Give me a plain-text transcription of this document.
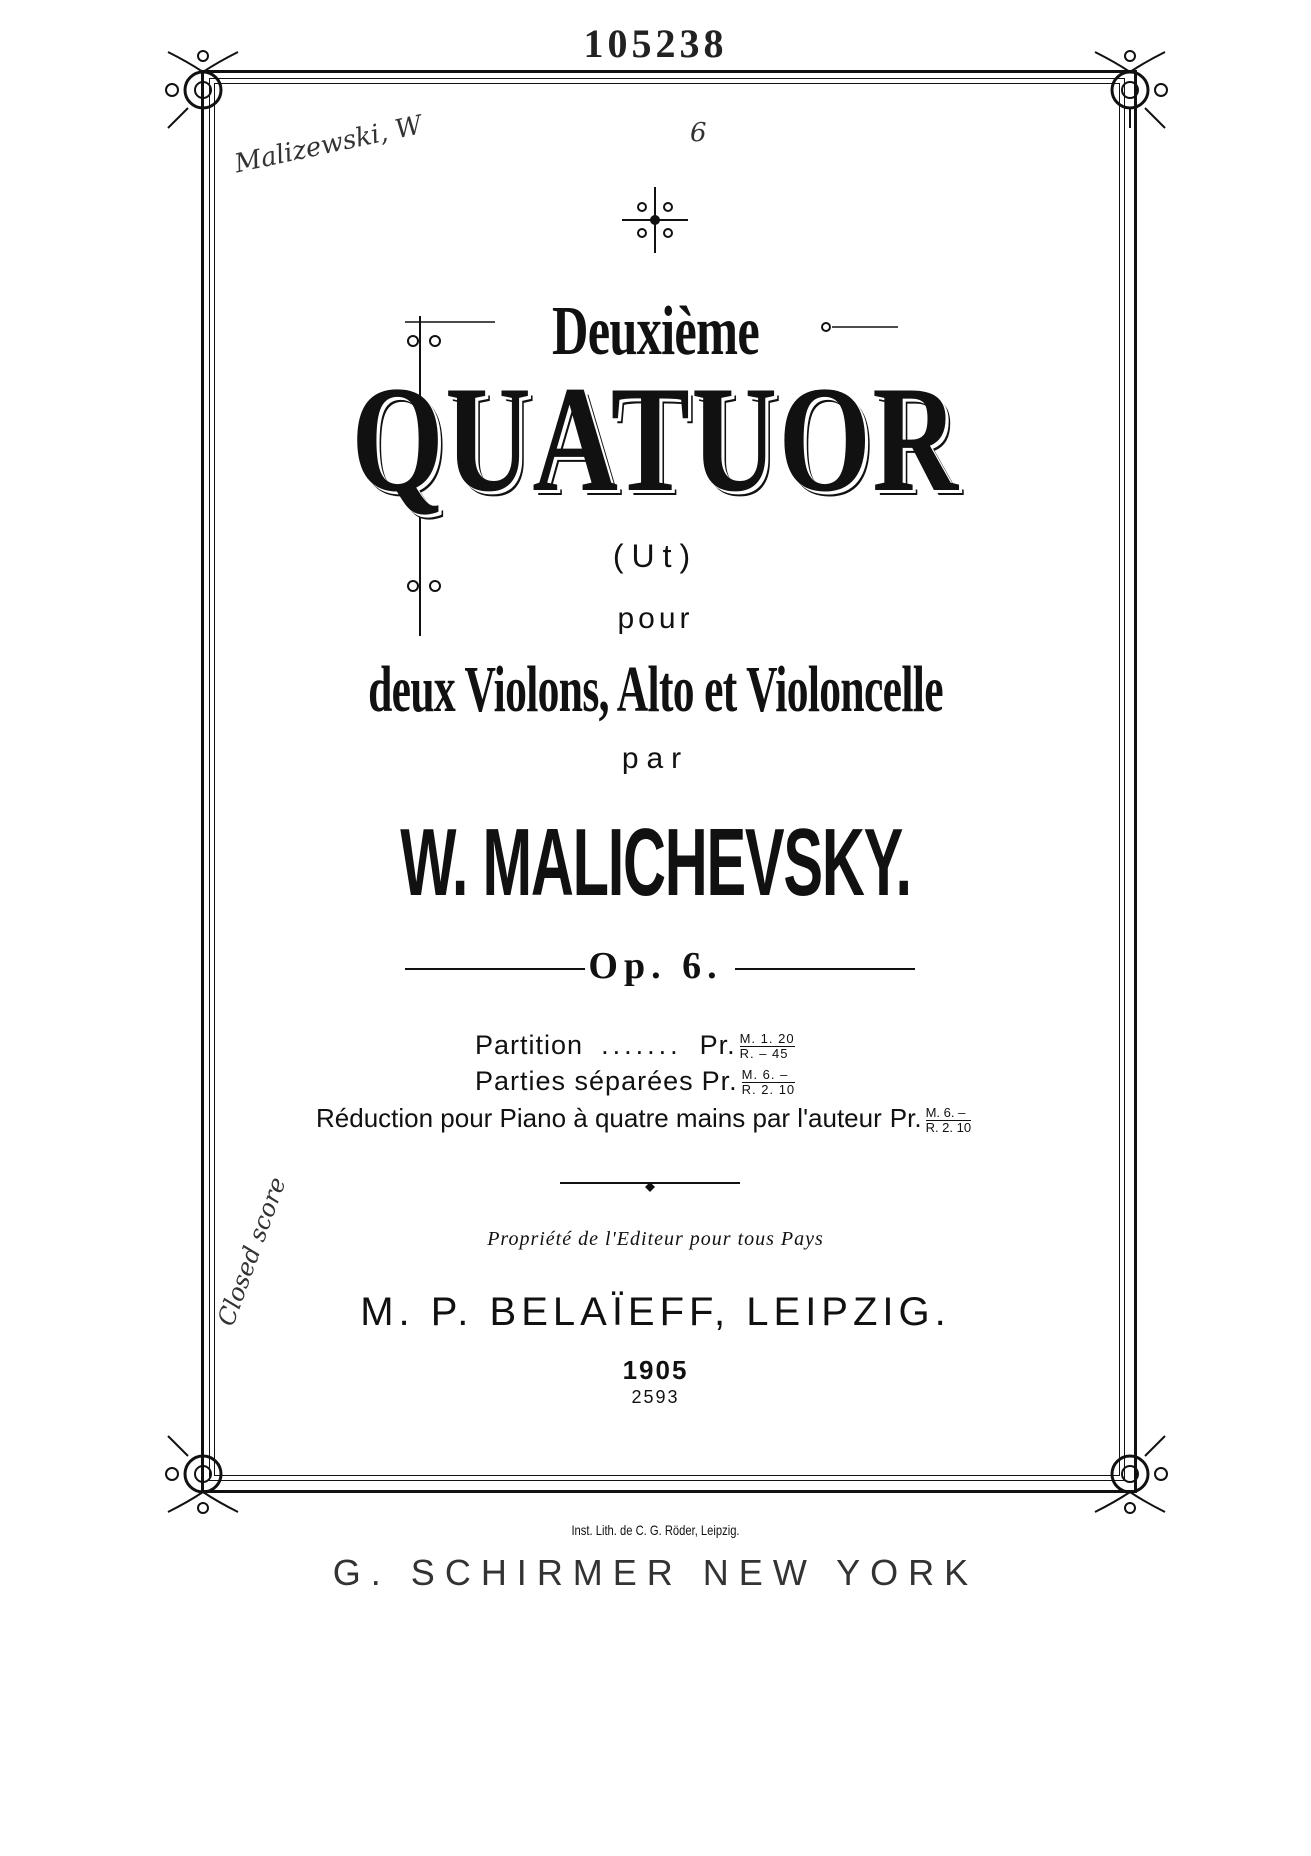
105238
Malizewski, W	6
Closed score
Deuxième
QUATUOR
(Ut)
pour
deux Violons, Alto et Violoncelle
par
W. MALICHEVSKY.
Op. 6.
Partition ....... Pr. $\frac{M. 1. 20}{R. - 45}$
Parties séparées Pr. $\frac{M. 6. -}{R. 2. 10}$
Réduction pour Piano à quatre mains par l'auteur Pr. $\frac{M. 6. -}{R. 2. 10}$
Propriété de l'Editeur pour tous Pays
M. P. BELAÏEFF, LEIPZIG.
1905
2593
Inst. Lith. de C. G. Röder, Leipzig.
G. SCHIRMER NEW YORK
